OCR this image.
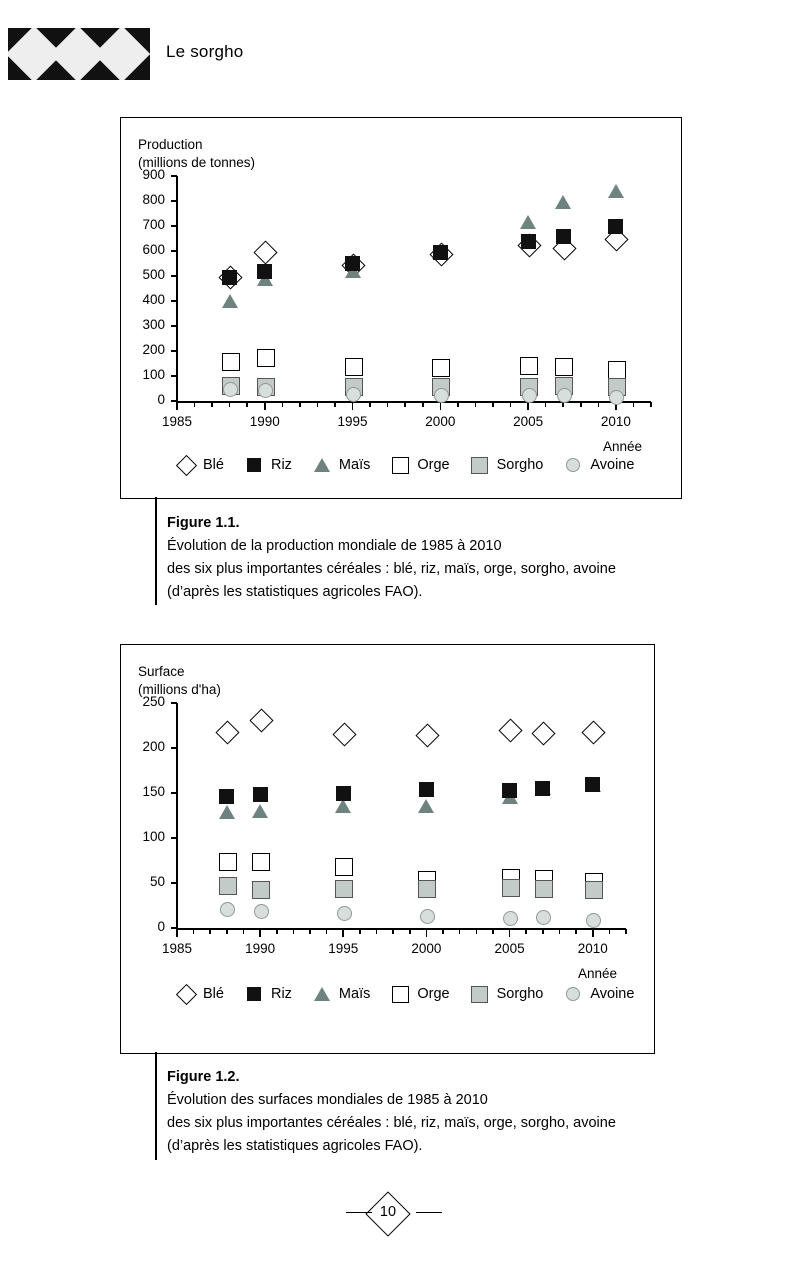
Le sorgho
Production
(millions de tonnes)
0
100
200
300
400
500
600
700
800
900
1985	1990	1995	2000	2005	2010
Année
Blé	Riz	Maïs	Orge	Sorgho	Avoine
Figure 1.1.
Évolution de la production mondiale de 1985 à 2010
des six plus importantes céréales : blé, riz, maïs, orge, sorgho, avoine
(d’après les statistiques agricoles FAO).
Surface
(millions d'ha)
0
50
100
150
200
250
1985	1990	1995	2000	2005	2010
Année
Blé	Riz	Maïs	Orge	Sorgho	Avoine
Figure 1.2.
Évolution des surfaces mondiales de 1985 à 2010
des six plus importantes céréales : blé, riz, maïs, orge, sorgho, avoine
(d’après les statistiques agricoles FAO).
10
